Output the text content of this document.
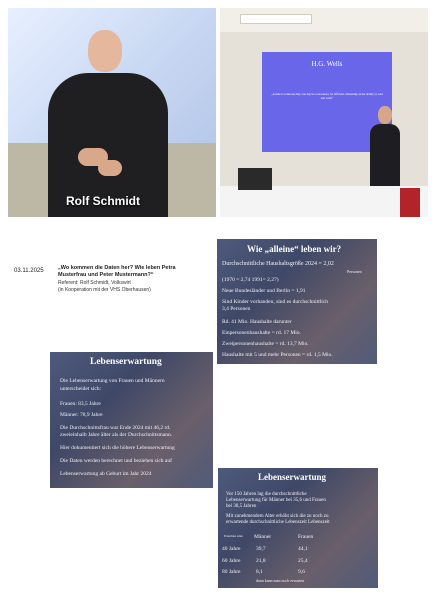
Rolf Schmidt
H.G. Wells
„A time is someone may one day be a necessary for efficient citizenship as the ability to read and write“
03.11.2025	„Wo kommen die Daten her? Wie leben Petra Musterfrau und Peter Mustermann?“
Referent: Rolf Schmidt, Volkswirt
(in Kooperation mit der VHS Oberhausen)
Wie „alleine“ leben wir?
Durchschnittliche Haushaltsgröße 2024 = 2,02
Personen
(1970 = 2,74 1991= 2,27)
Neue Bundesländer und Berlin = 1,91
Sind Kinder vorhanden, sind es durchschnittlich
3,4 Personen
Rd. 41 Mio. Haushalte darunter
Einpersonenhaushalte = rd. 17 Mio.
Zweipersonenhaushalte = rd. 13,7 Mio.
Haushalte mit 5 und mehr Personen = rd. 1,5 Mio.
Lebenserwartung
Die Lebenserwartung von Frauen und Männern
unterscheidet sich:
Frauen: 83,5 Jahre
Männer: 78,9 Jahre
Die Durchschnittsfrau war Ende 2024 mit 46,2 rd.
zweieinhalb Jahre älter als der Durchschnittsmann.
Hier dokumentiert sich die höhere Lebenserwartung
Die Daten werden berechnet und beziehen sich auf
Lebenserwartung ab Geburt im Jahr 2024	Lebenserwartung
Vor 150 Jahren lag die durchschnittliche
Lebenserwartung für Männer bei 35,6 und Frauen
bei 38,5 Jahren
Mit zunehmendem Alter erhöht sich die zu noch zu
erwartende durchschnittliche Lebenszeit Lebenszeit
Erreichtes Alter Männer	Frauen
40 Jahre	39,7	44,1
60 Jahre	21,8	25,4
80 Jahre	8,1	9,6
dann kann man noch erwarten
